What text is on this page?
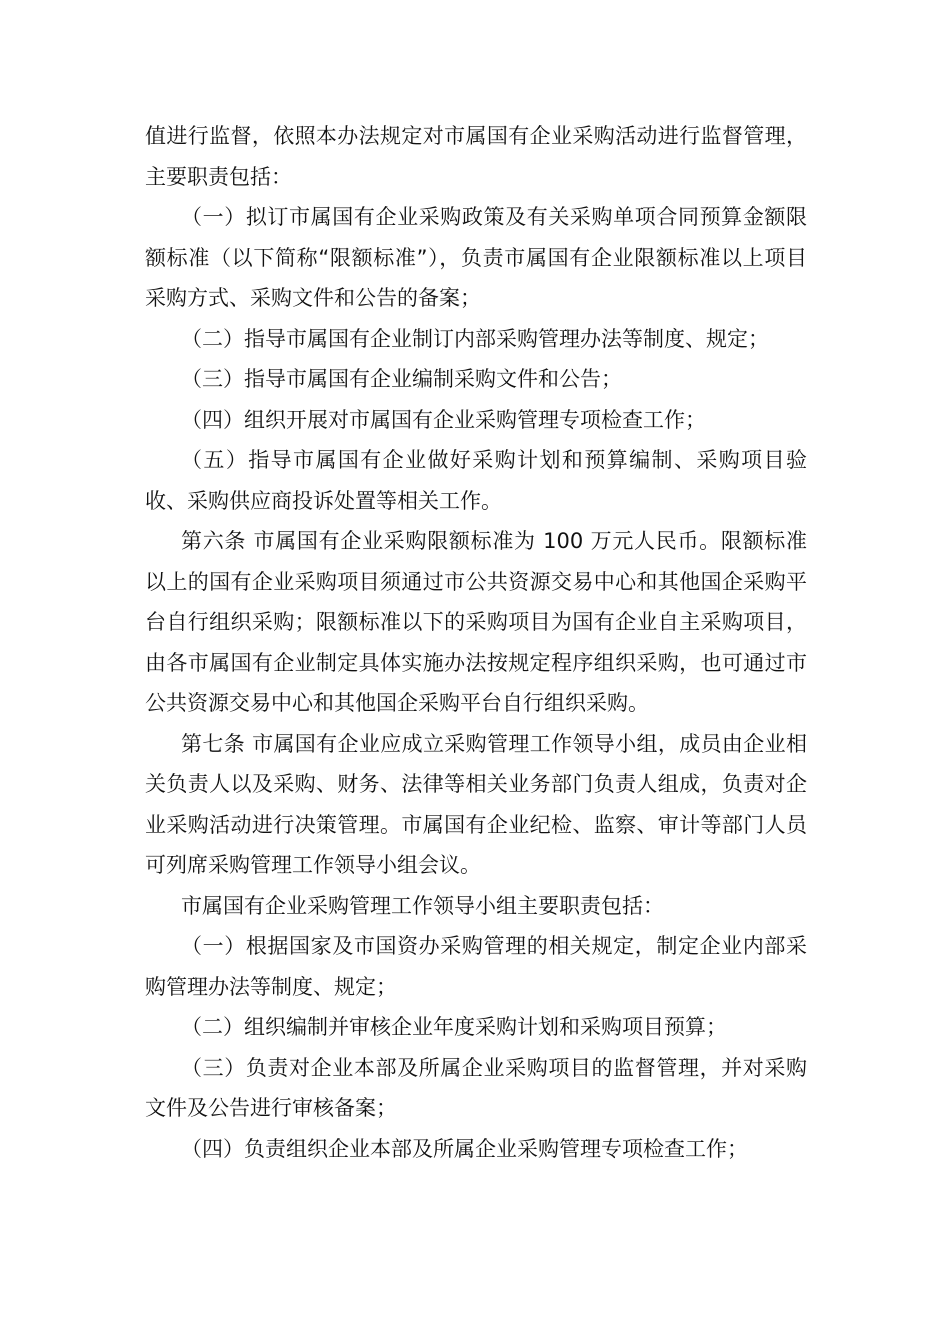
值进行监督，依照本办法规定对市属国有企业采购活动进行监督管理，主要职责包括：

（一）拟订市属国有企业采购政策及有关采购单项合同预算金额限额标准（以下简称“限额标准”），负责市属国有企业限额标准以上项目采购方式、采购文件和公告的备案；

（二）指导市属国有企业制订内部采购管理办法等制度、规定；

（三）指导市属国有企业编制采购文件和公告；

（四）组织开展对市属国有企业采购管理专项检查工作；

（五）指导市属国有企业做好采购计划和预算编制、采购项目验收、采购供应商投诉处置等相关工作。

第六条 市属国有企业采购限额标准为 100 万元人民币。限额标准以上的国有企业采购项目须通过市公共资源交易中心和其他国企采购平台自行组织采购；限额标准以下的采购项目为国有企业自主采购项目，由各市属国有企业制定具体实施办法按规定程序组织采购，也可通过市公共资源交易中心和其他国企采购平台自行组织采购。

第七条 市属国有企业应成立采购管理工作领导小组，成员由企业相关负责人以及采购、财务、法律等相关业务部门负责人组成，负责对企业采购活动进行决策管理。市属国有企业纪检、监察、审计等部门人员可列席采购管理工作领导小组会议。

市属国有企业采购管理工作领导小组主要职责包括：

（一）根据国家及市国资办采购管理的相关规定，制定企业内部采购管理办法等制度、规定；

（二）组织编制并审核企业年度采购计划和采购项目预算；

（三）负责对企业本部及所属企业采购项目的监督管理，并对采购文件及公告进行审核备案；

（四）负责组织企业本部及所属企业采购管理专项检查工作；
